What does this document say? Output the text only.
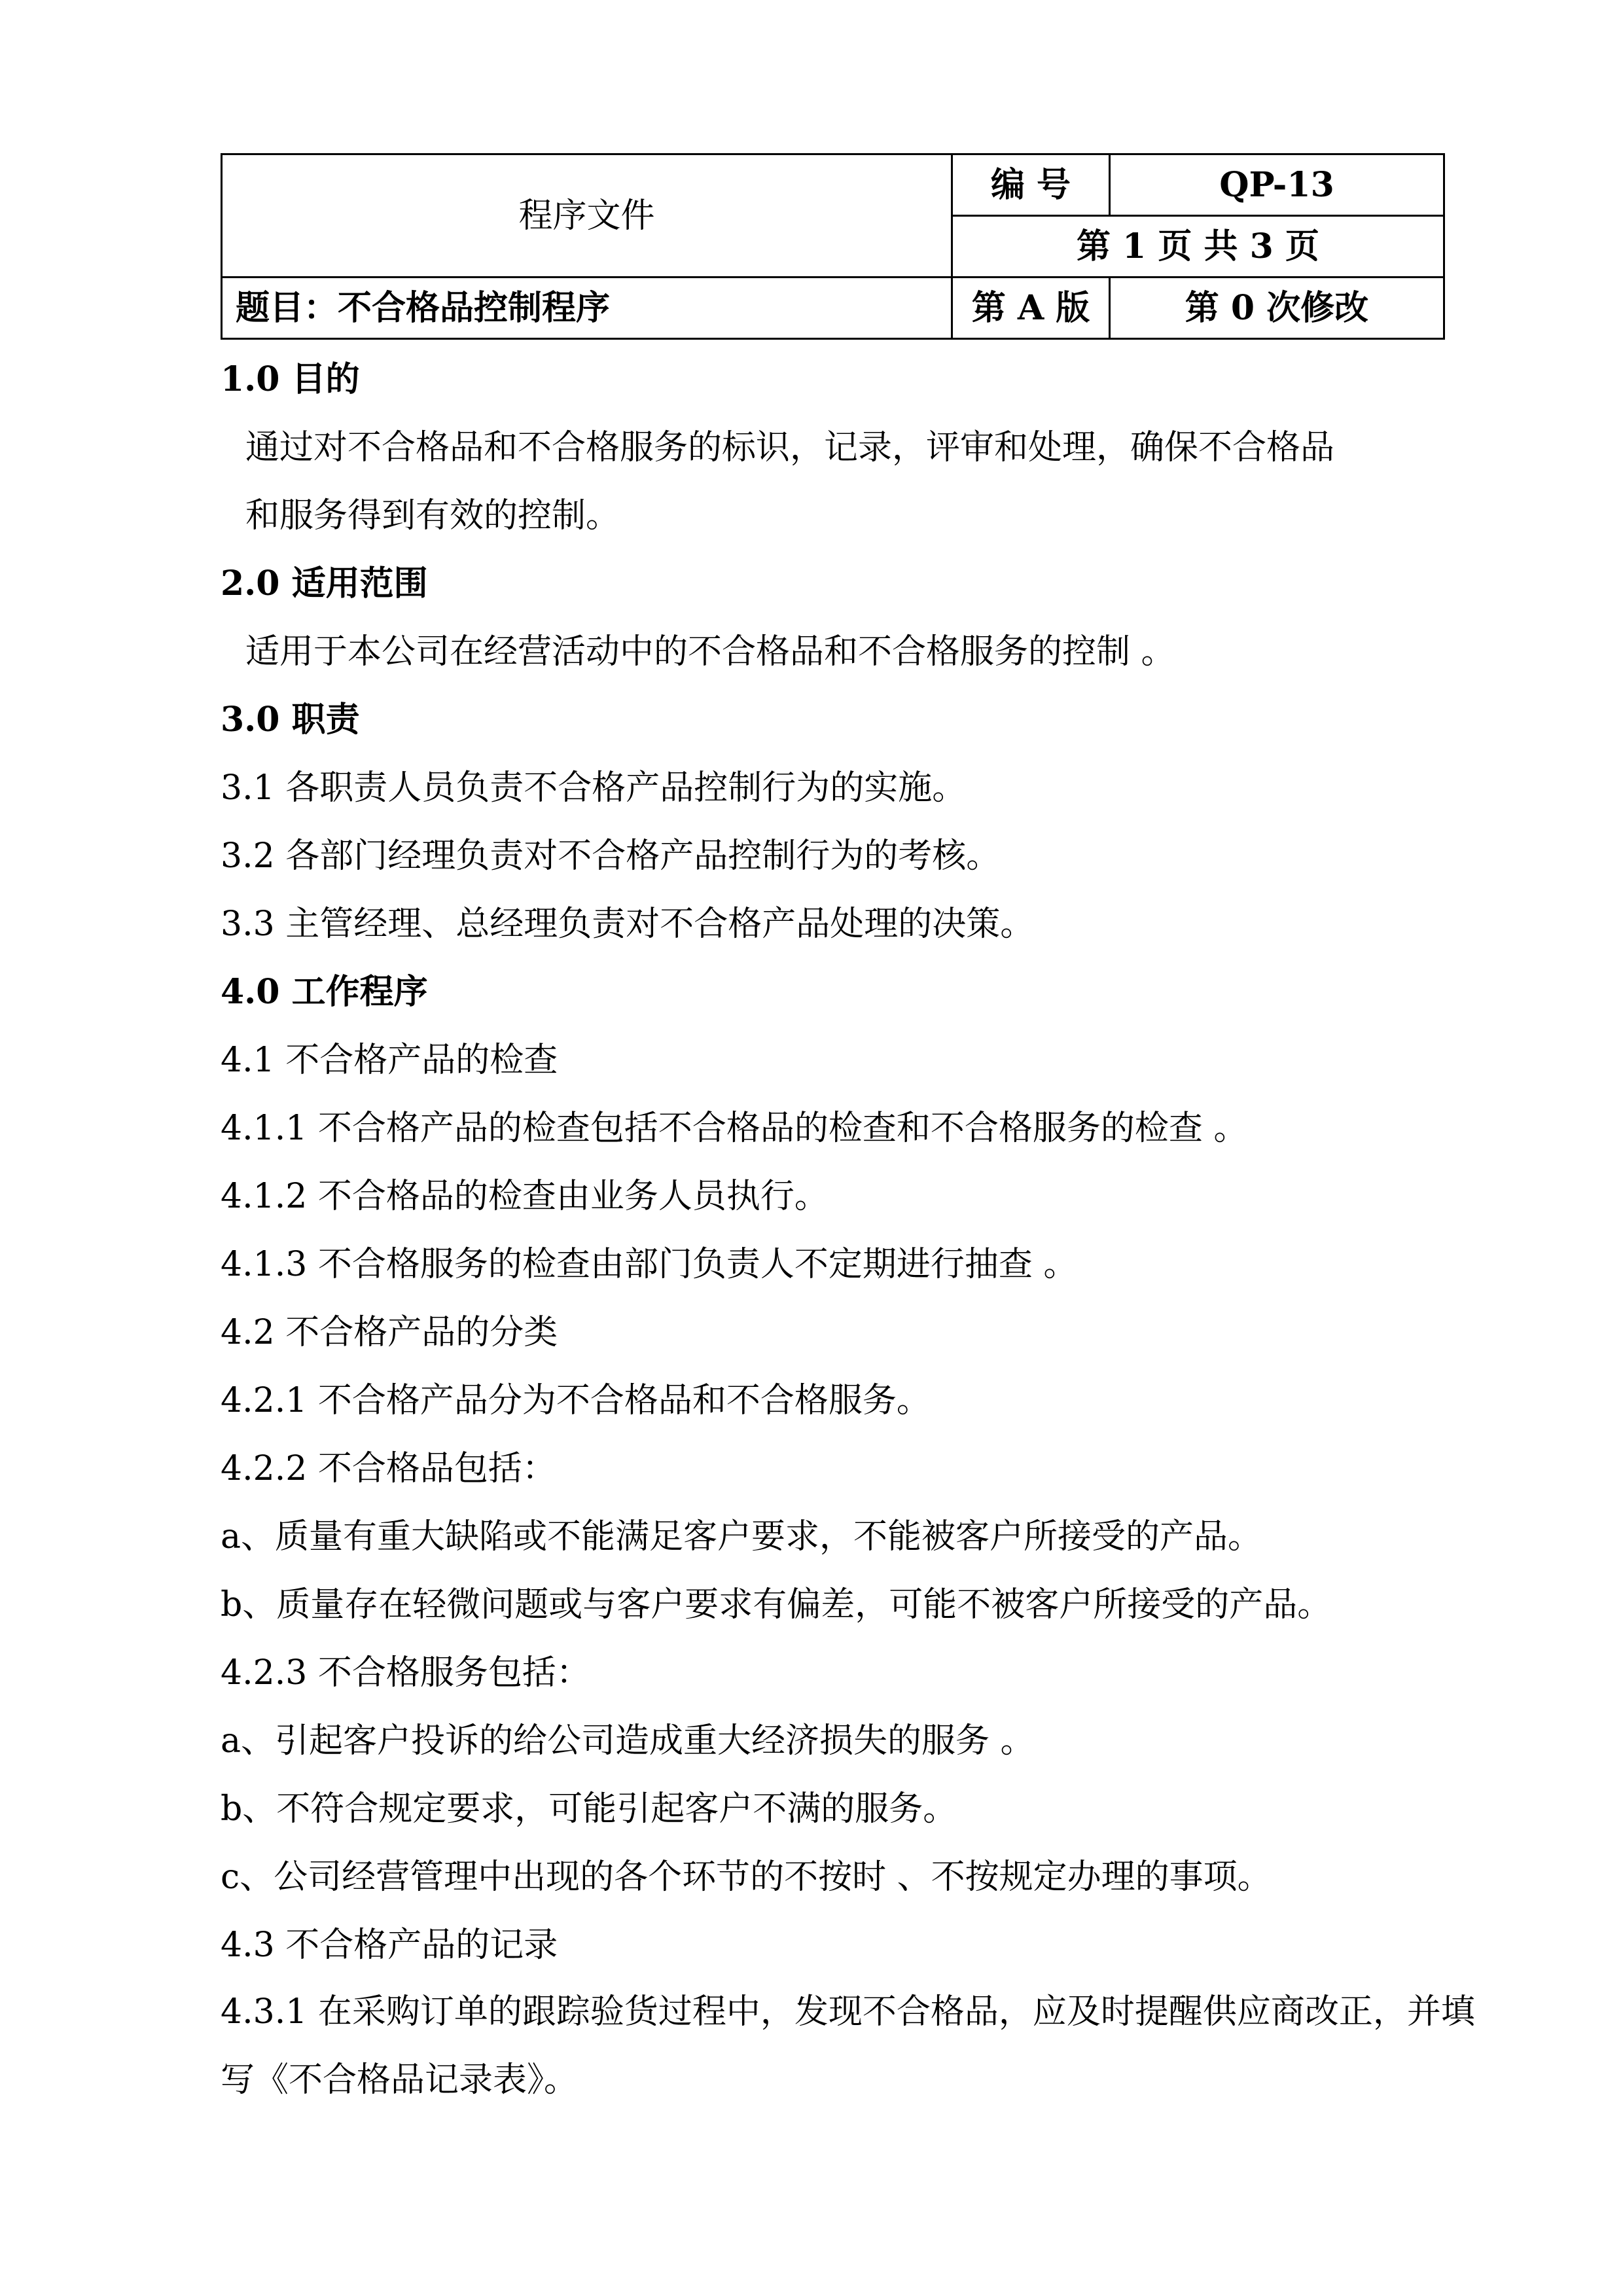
程序文件	编 号	QP-13
	第 1 页 共 3 页	
题目：不合格品控制程序	第 A 版	第 0 次修改
1.0 目的
通过对不合格品和不合格服务的标识，记录，评审和处理，确保不合格品
和服务得到有效的控制。
2.0 适用范围
适用于本公司在经营活动中的不合格品和不合格服务的控制 。
3.0 职责
3.1 各职责人员负责不合格产品控制行为的实施。
3.2 各部门经理负责对不合格产品控制行为的考核。
3.3 主管经理、总经理负责对不合格产品处理的决策。
4.0 工作程序
4.1 不合格产品的检查
4.1.1 不合格产品的检查包括不合格品的检查和不合格服务的检查 。
4.1.2 不合格品的检查由业务人员执行。
4.1.3 不合格服务的检查由部门负责人不定期进行抽查 。
4.2 不合格产品的分类
4.2.1 不合格产品分为不合格品和不合格服务。
4.2.2 不合格品包括：
a、质量有重大缺陷或不能满足客户要求，不能被客户所接受的产品。
b、质量存在轻微问题或与客户要求有偏差，可能不被客户所接受的产品。
4.2.3 不合格服务包括：
a、引起客户投诉的给公司造成重大经济损失的服务 。
b、不符合规定要求，可能引起客户不满的服务。
c、公司经营管理中出现的各个环节的不按时 、不按规定办理的事项。
4.3 不合格产品的记录
4.3.1 在采购订单的跟踪验货过程中，发现不合格品，应及时提醒供应商改正，并填写《不合格品记录表》。
